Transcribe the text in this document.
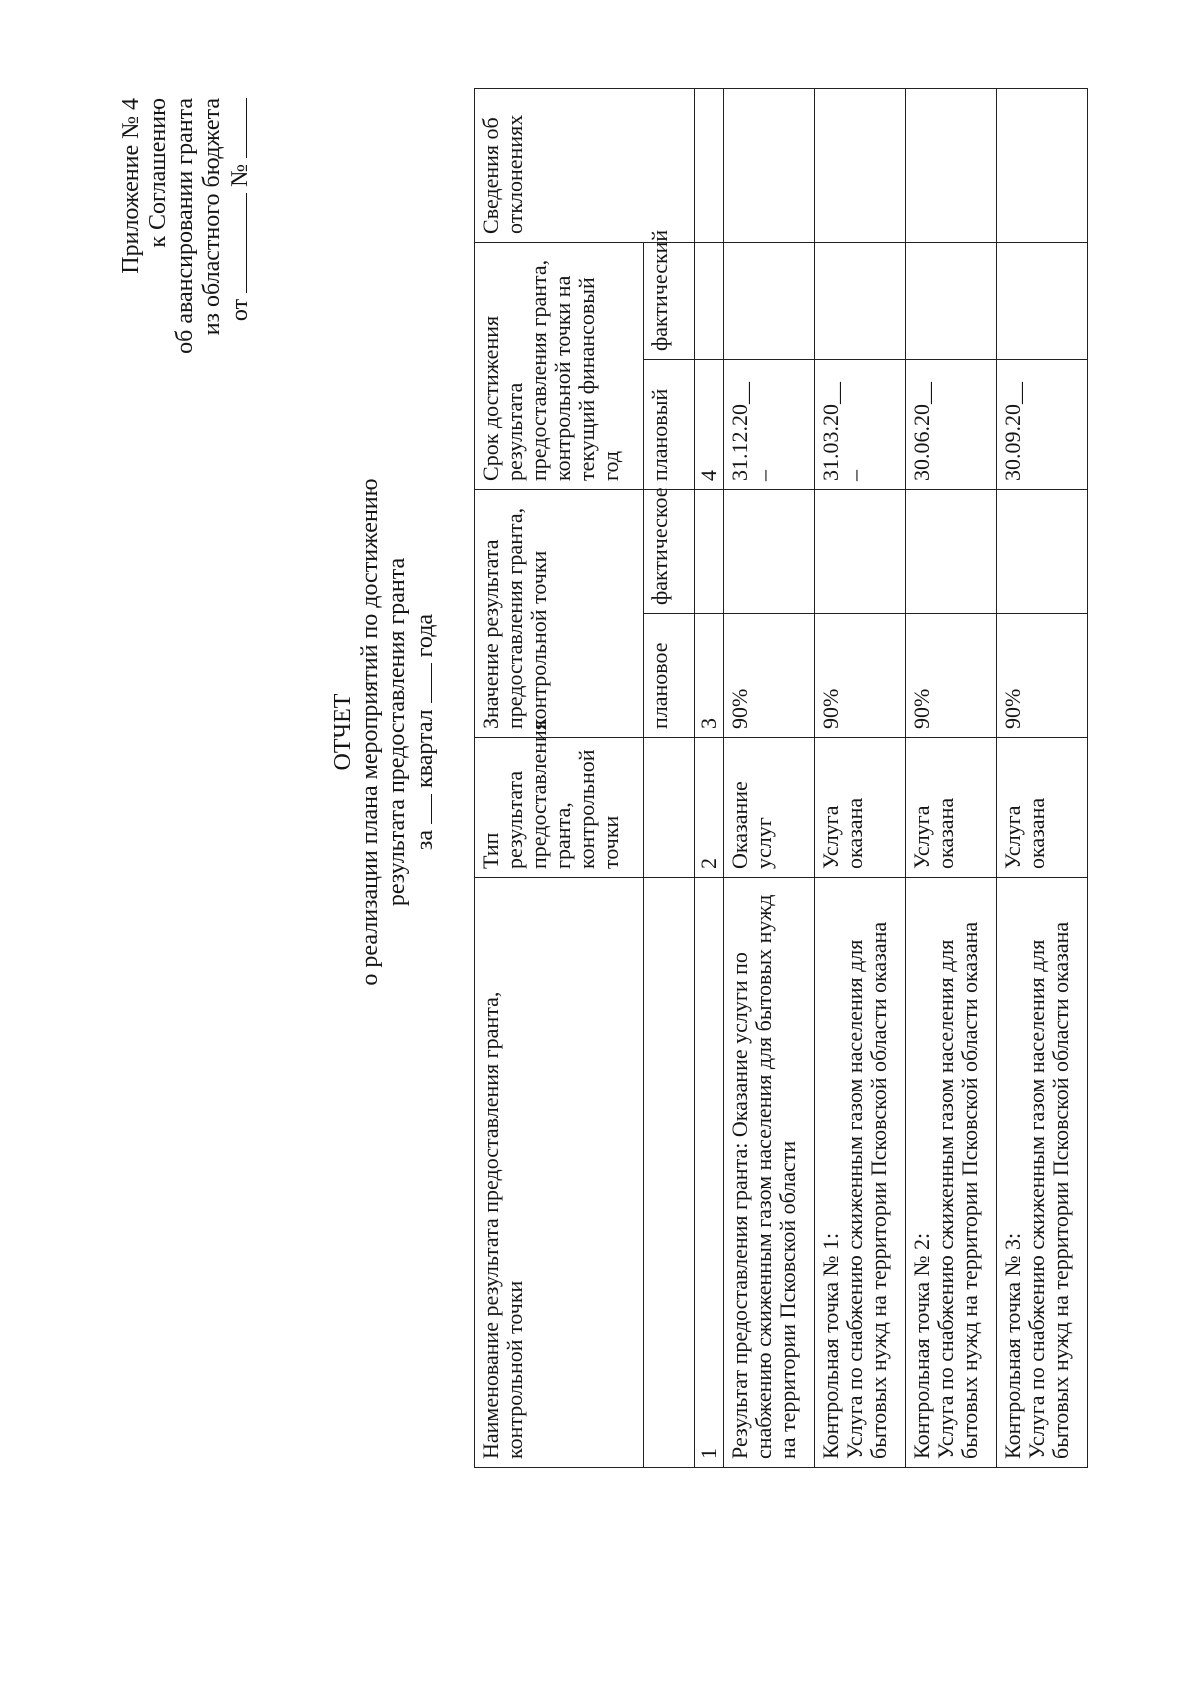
Приложение № 4 к Соглашению об авансировании гранта из областного бюджета от  №
ОТЧЕТ о реализации плана мероприятий по достижению результата предоставления гранта за  квартал  года
Наименование результата предоставления гранта, контрольной точки	Тип результата предоставления гранта, контрольной точки	Значение результата предоставления гранта, контрольной точки		Срок достижения результата предоставления гранта, контрольной точки на текущий финансовый год		Сведения об отклонениях
		плановое	фактическое	плановый	фактический	
1	2	3		4		
Результат предоставления гранта: Оказание услуги по снабжению сжиженным газом населения для бытовых нужд на территории Псковской области	Оказание услуг	90%		31.12.20__ –		

Контрольная точка № 1: Услуга по снабжению сжиженным газом населения для бытовых нужд на территории Псковской области оказана	Услуга оказана	90%		31.03.20__ –		

Контрольная точка № 2: Услуга по снабжению сжиженным газом населения для бытовых нужд на территории Псковской области оказана	Услуга оказана	90%		30.06.20__		

Контрольная точка № 3: Услуга по снабжению сжиженным газом населения для бытовых нужд на территории Псковской области оказана	Услуга оказана	90%		30.09.20__		
